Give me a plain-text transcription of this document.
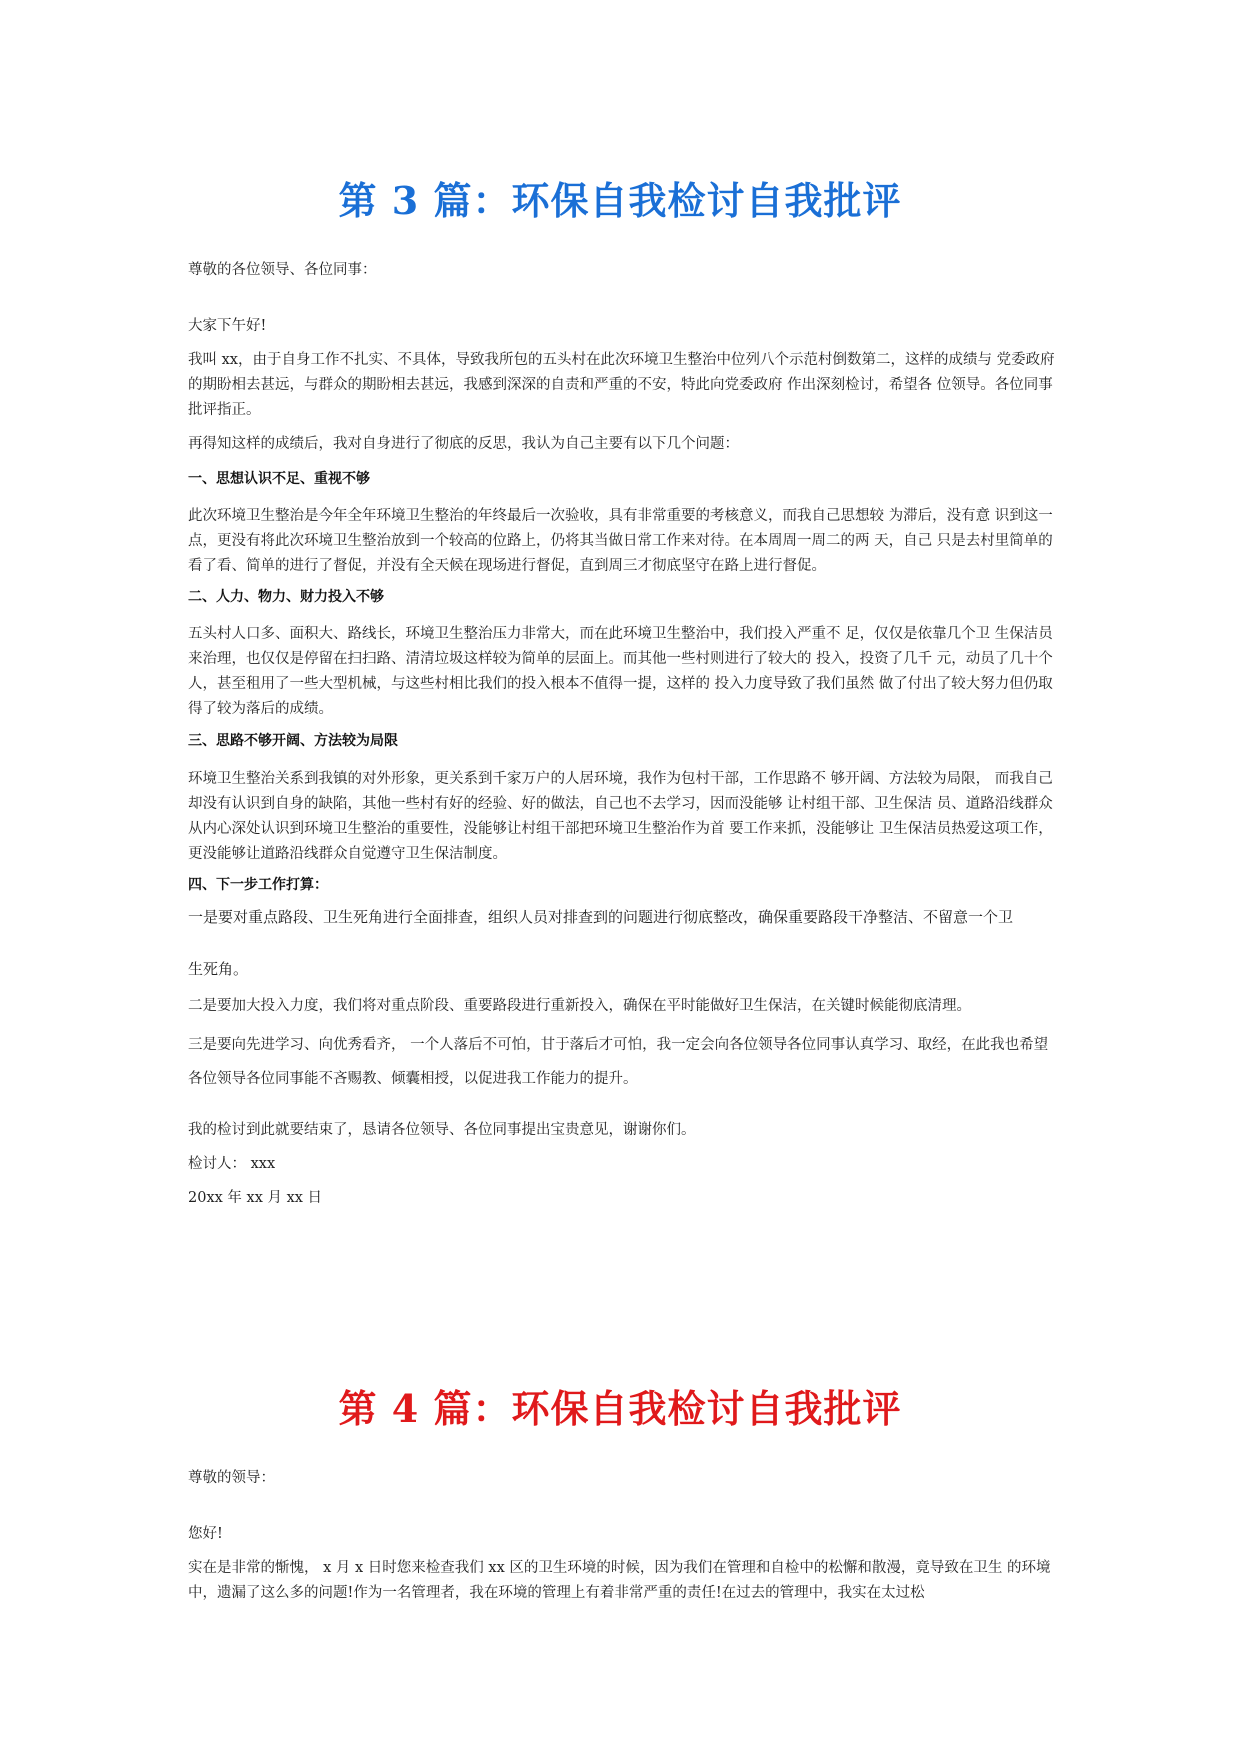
第 3 篇：环保自我检讨自我批评

尊敬的各位领导、各位同事：

大家下午好!

我叫 xx，由于自身工作不扎实、不具体，导致我所包的五头村在此次环境卫生整治中位列八个示范村倒数第二，这样的成绩与 党委政府的期盼相去甚远，与群众的期盼相去甚远，我感到深深的自责和严重的不安，特此向党委政府 作出深刻检讨，希望各 位领导。各位同事批评指正。

再得知这样的成绩后，我对自身进行了彻底的反思，我认为自己主要有以下几个问题：

一、思想认识不足、重视不够

此次环境卫生整治是今年全年环境卫生整治的年终最后一次验收，具有非常重要的考核意义，而我自己思想较 为滞后，没有意 识到这一点，更没有将此次环境卫生整治放到一个较高的位路上，仍将其当做日常工作来对待。在本周周一周二的两 天，自己 只是去村里简单的看了看、简单的进行了督促，并没有全天候在现场进行督促，直到周三才彻底坚守在路上进行督促。

二、人力、物力、财力投入不够

五头村人口多、面积大、路线长，环境卫生整治压力非常大，而在此环境卫生整治中，我们投入严重不 足，仅仅是依靠几个卫 生保洁员来治理，也仅仅是停留在扫扫路、清清垃圾这样较为简单的层面上。而其他一些村则进行了较大的 投入，投资了几千 元，动员了几十个人，甚至租用了一些大型机械，与这些村相比我们的投入根本不值得一提，这样的 投入力度导致了我们虽然 做了付出了较大努力但仍取得了较为落后的成绩。

三、思路不够开阔、方法较为局限

环境卫生整治关系到我镇的对外形象，更关系到千家万户的人居环境，我作为包村干部，工作思路不 够开阔、方法较为局限， 而我自己却没有认识到自身的缺陷，其他一些村有好的经验、好的做法，自己也不去学习，因而没能够 让村组干部、卫生保洁 员、道路沿线群众从内心深处认识到环境卫生整治的重要性，没能够让村组干部把环境卫生整治作为首 要工作来抓，没能够让 卫生保洁员热爱这项工作，更没能够让道路沿线群众自觉遵守卫生保洁制度。

四、下一步工作打算：

一是要对重点路段、卫生死角进行全面排查，组织人员对排查到的问题进行彻底整改，确保重要路段干净整洁、不留意一个卫

生死角。

二是要加大投入力度，我们将对重点阶段、重要路段进行重新投入，确保在平时能做好卫生保洁，在关键时候能彻底清理。

三是要向先进学习、向优秀看齐， 一个人落后不可怕，甘于落后才可怕，我一定会向各位领导各位同事认真学习、取经，在此我也希望各位领导各位同事能不吝赐教、倾囊相授，以促进我工作能力的提升。

我的检讨到此就要结束了，恳请各位领导、各位同事提出宝贵意见，谢谢你们。

检讨人： xxx

20xx 年 xx 月 xx 日

第 4 篇：环保自我检讨自我批评

尊敬的领导：

您好!

实在是非常的惭愧， x 月 x 日时您来检查我们 xx 区的卫生环境的时候，因为我们在管理和自检中的松懈和散漫，竟导致在卫生 的环境中，遗漏了这么多的问题!作为一名管理者，我在环境的管理上有着非常严重的责任!在过去的管理中，我实在太过松
